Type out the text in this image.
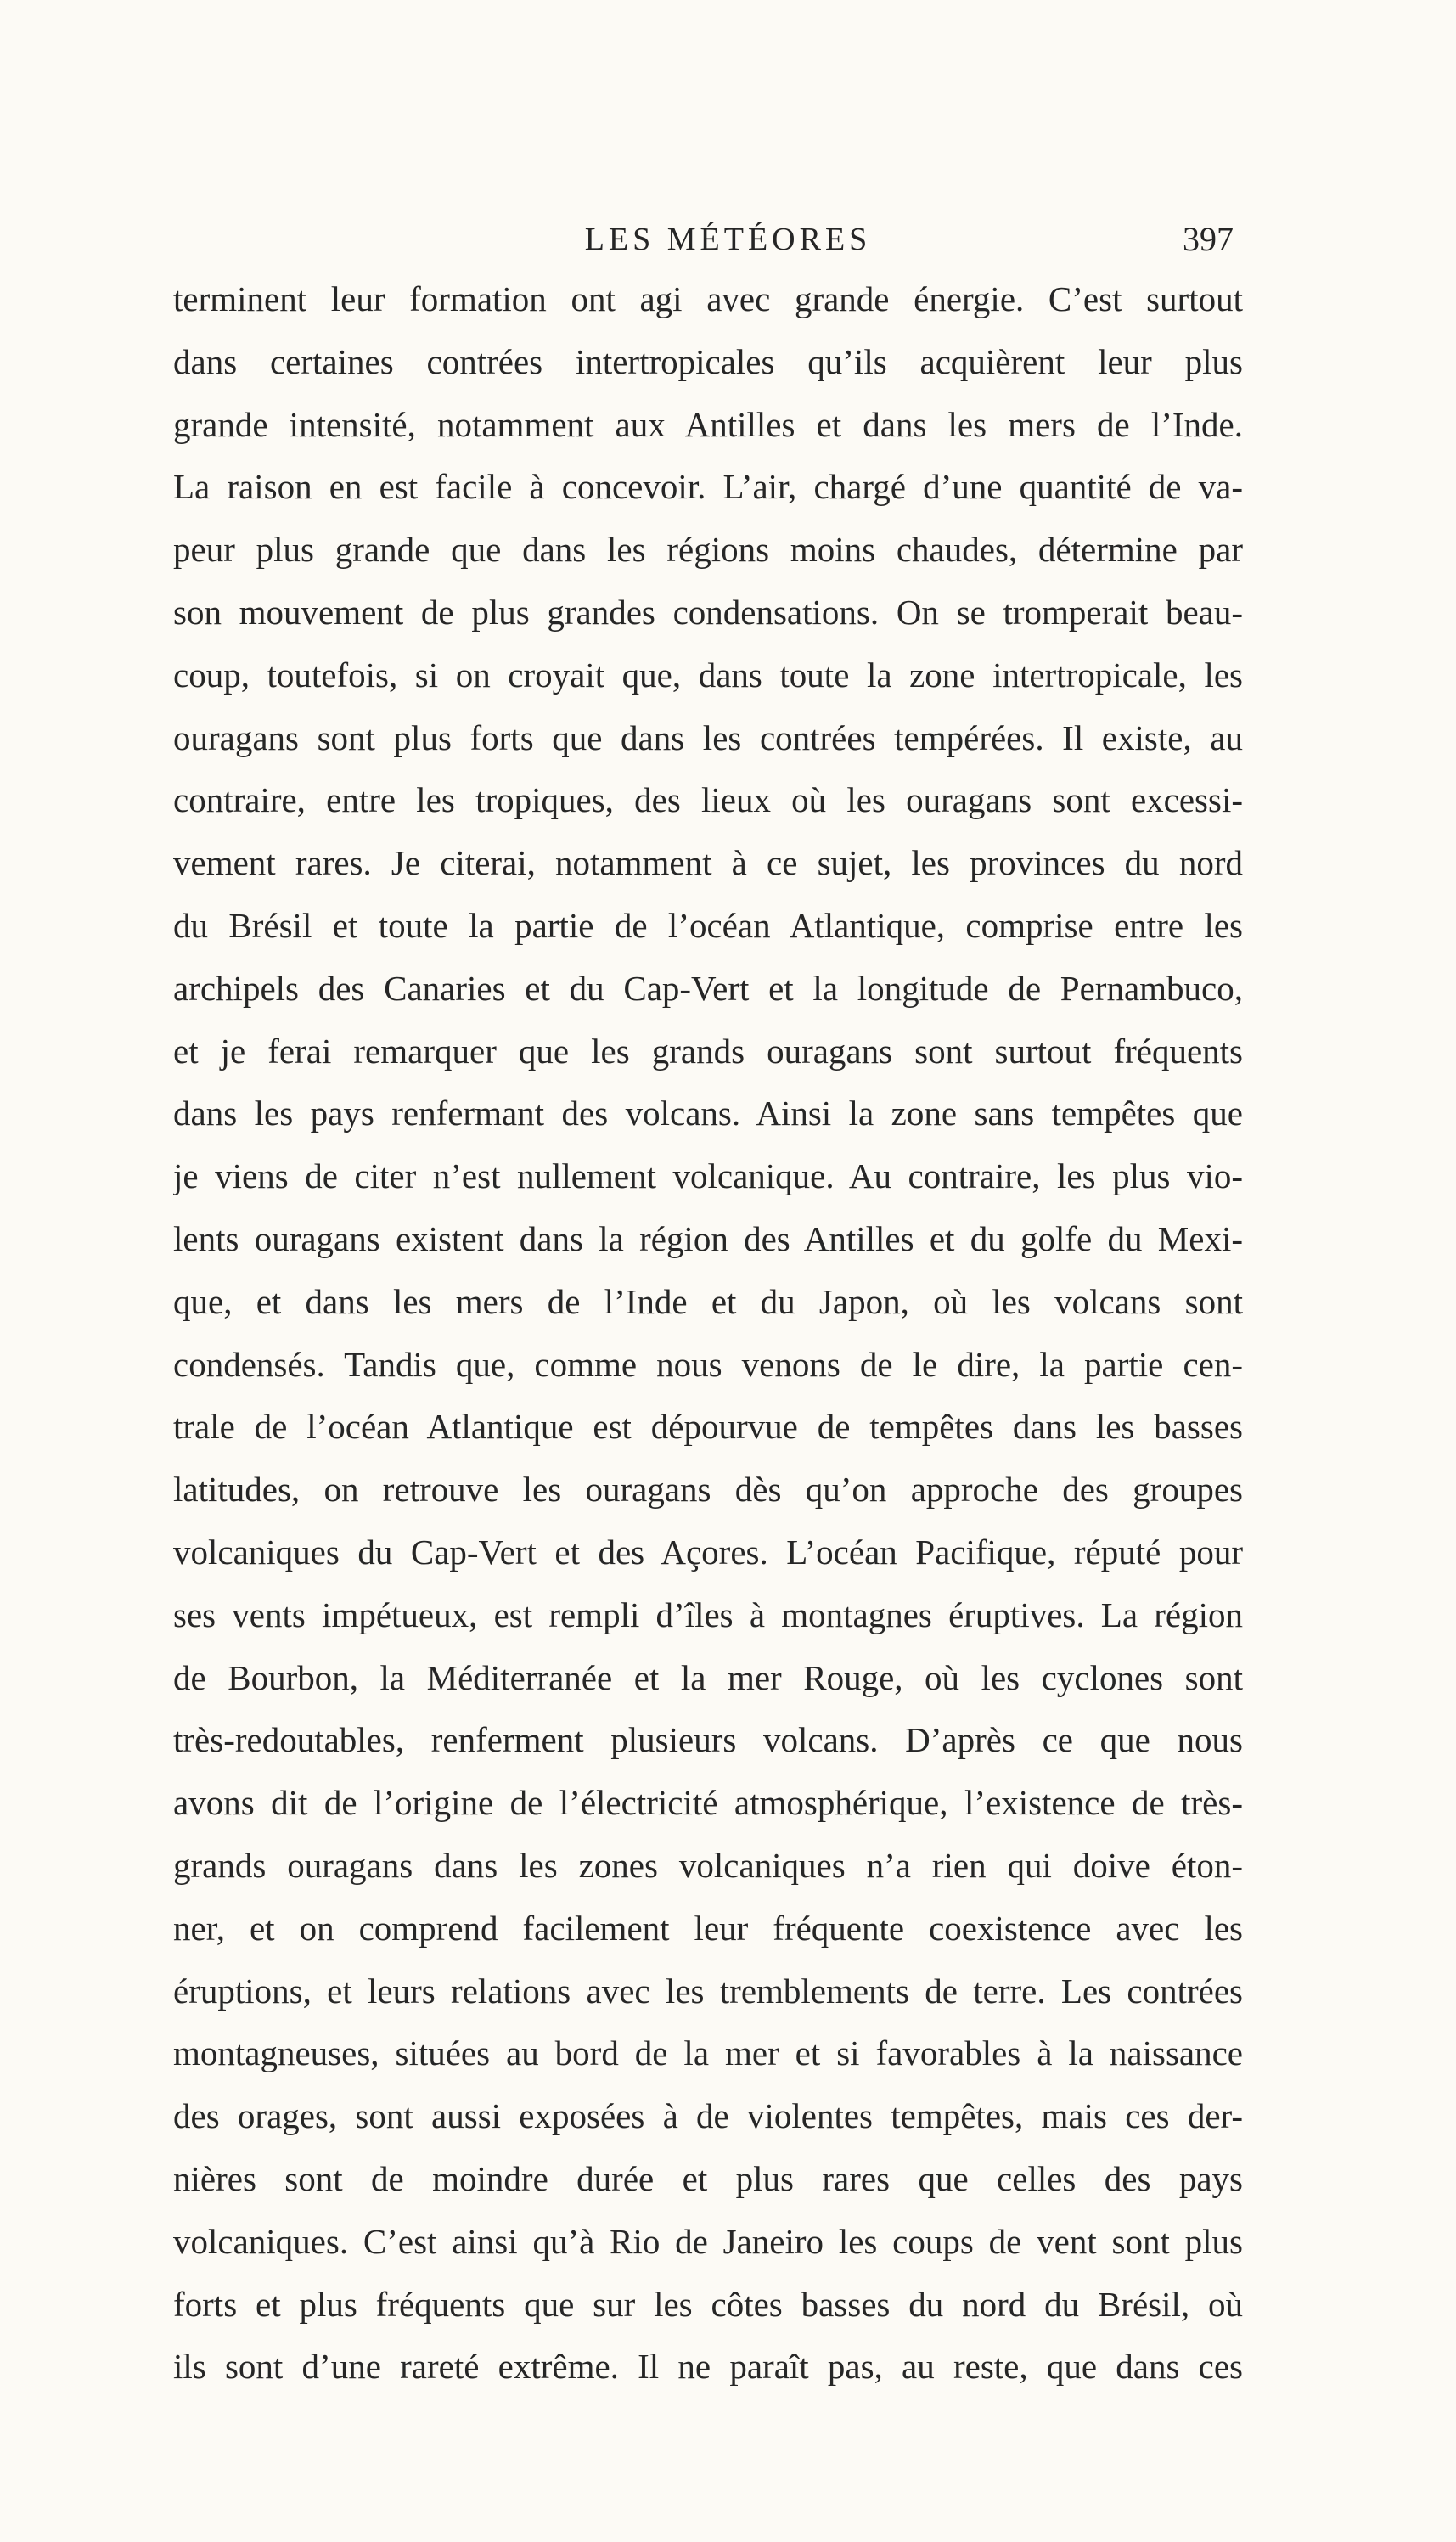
LES MÉTÉORES	397
terminent leur formation ont agi avec grande énergie. C’est surtout
dans certaines contrées intertropicales qu’ils acquièrent leur plus
grande intensité, notamment aux Antilles et dans les mers de l’Inde.
La raison en est facile à concevoir. L’air, chargé d’une quantité de va-
peur plus grande que dans les régions moins chaudes, détermine par
son mouvement de plus grandes condensations. On se tromperait beau-
coup, toutefois, si on croyait que, dans toute la zone intertropicale, les
ouragans sont plus forts que dans les contrées tempérées. Il existe, au
contraire, entre les tropiques, des lieux où les ouragans sont excessi-
vement rares. Je citerai, notamment à ce sujet, les provinces du nord
du Brésil et toute la partie de l’océan Atlantique, comprise entre les
archipels des Canaries et du Cap-Vert et la longitude de Pernambuco,
et je ferai remarquer que les grands ouragans sont surtout fréquents
dans les pays renfermant des volcans. Ainsi la zone sans tempêtes que
je viens de citer n’est nullement volcanique. Au contraire, les plus vio-
lents ouragans existent dans la région des Antilles et du golfe du Mexi-
que, et dans les mers de l’Inde et du Japon, où les volcans sont
condensés. Tandis que, comme nous venons de le dire, la partie cen-
trale de l’océan Atlantique est dépourvue de tempêtes dans les basses
latitudes, on retrouve les ouragans dès qu’on approche des groupes
volcaniques du Cap-Vert et des Açores. L’océan Pacifique, réputé pour
ses vents impétueux, est rempli d’îles à montagnes éruptives. La région
de Bourbon, la Méditerranée et la mer Rouge, où les cyclones sont
très-redoutables, renferment plusieurs volcans. D’après ce que nous
avons dit de l’origine de l’électricité atmosphérique, l’existence de très-
grands ouragans dans les zones volcaniques n’a rien qui doive éton-
ner, et on comprend facilement leur fréquente coexistence avec les
éruptions, et leurs relations avec les tremblements de terre. Les contrées
montagneuses, situées au bord de la mer et si favorables à la naissance
des orages, sont aussi exposées à de violentes tempêtes, mais ces der-
nières sont de moindre durée et plus rares que celles des pays
volcaniques. C’est ainsi qu’à Rio de Janeiro les coups de vent sont plus
forts et plus fréquents que sur les côtes basses du nord du Brésil, où
ils sont d’une rareté extrême. Il ne paraît pas, au reste, que dans ces
